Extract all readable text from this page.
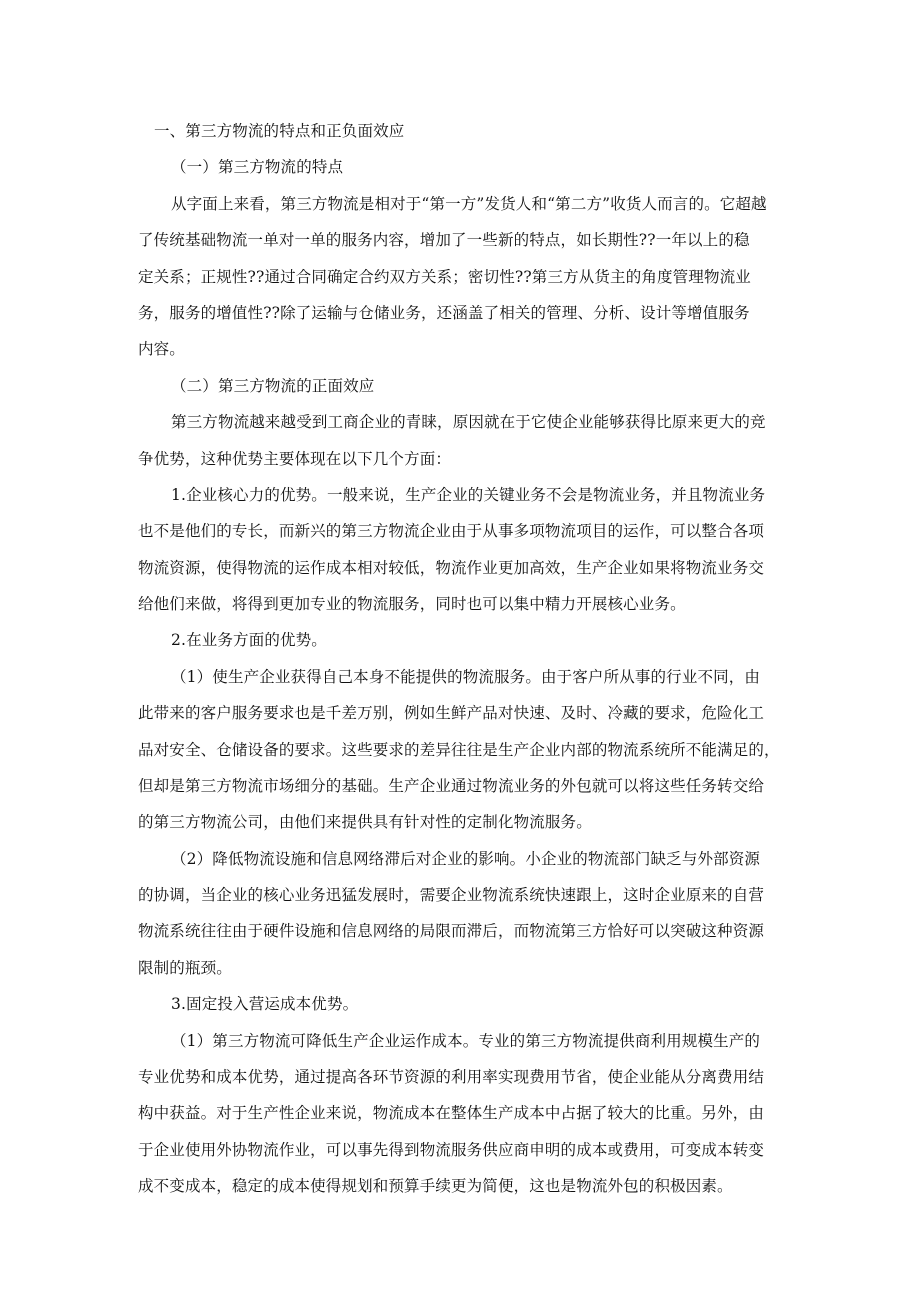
一、第三方物流的特点和正负面效应
（一）第三方物流的特点
从字面上来看，第三方物流是相对于“第一方”发货人和“第二方”收货人而言的。它超越
了传统基础物流一单对一单的服务内容，增加了一些新的特点，如长期性??一年以上的稳
定关系；正规性??通过合同确定合约双方关系；密切性??第三方从货主的角度管理物流业
务，服务的增值性??除了运输与仓储业务，还涵盖了相关的管理、分析、设计等增值服务
内容。
（二）第三方物流的正面效应
第三方物流越来越受到工商企业的青睐，原因就在于它使企业能够获得比原来更大的竞
争优势，这种优势主要体现在以下几个方面：
1.企业核心力的优势。一般来说，生产企业的关键业务不会是物流业务，并且物流业务
也不是他们的专长，而新兴的第三方物流企业由于从事多项物流项目的运作，可以整合各项
物流资源，使得物流的运作成本相对较低，物流作业更加高效，生产企业如果将物流业务交
给他们来做，将得到更加专业的物流服务，同时也可以集中精力开展核心业务。
2.在业务方面的优势。
（1）使生产企业获得自己本身不能提供的物流服务。由于客户所从事的行业不同，由
此带来的客户服务要求也是千差万别，例如生鲜产品对快速、及时、冷藏的要求，危险化工
品对安全、仓储设备的要求。这些要求的差异往往是生产企业内部的物流系统所不能满足的，
但却是第三方物流市场细分的基础。生产企业通过物流业务的外包就可以将这些任务转交给
的第三方物流公司，由他们来提供具有针对性的定制化物流服务。
（2）降低物流设施和信息网络滞后对企业的影响。小企业的物流部门缺乏与外部资源
的协调，当企业的核心业务迅猛发展时，需要企业物流系统快速跟上，这时企业原来的自营
物流系统往往由于硬件设施和信息网络的局限而滞后，而物流第三方恰好可以突破这种资源
限制的瓶颈。
3.固定投入营运成本优势。
（1）第三方物流可降低生产企业运作成本。专业的第三方物流提供商利用规模生产的
专业优势和成本优势，通过提高各环节资源的利用率实现费用节省，使企业能从分离费用结
构中获益。对于生产性企业来说，物流成本在整体生产成本中占据了较大的比重。另外，由
于企业使用外协物流作业，可以事先得到物流服务供应商申明的成本或费用，可变成本转变
成不变成本，稳定的成本使得规划和预算手续更为简便，这也是物流外包的积极因素。
